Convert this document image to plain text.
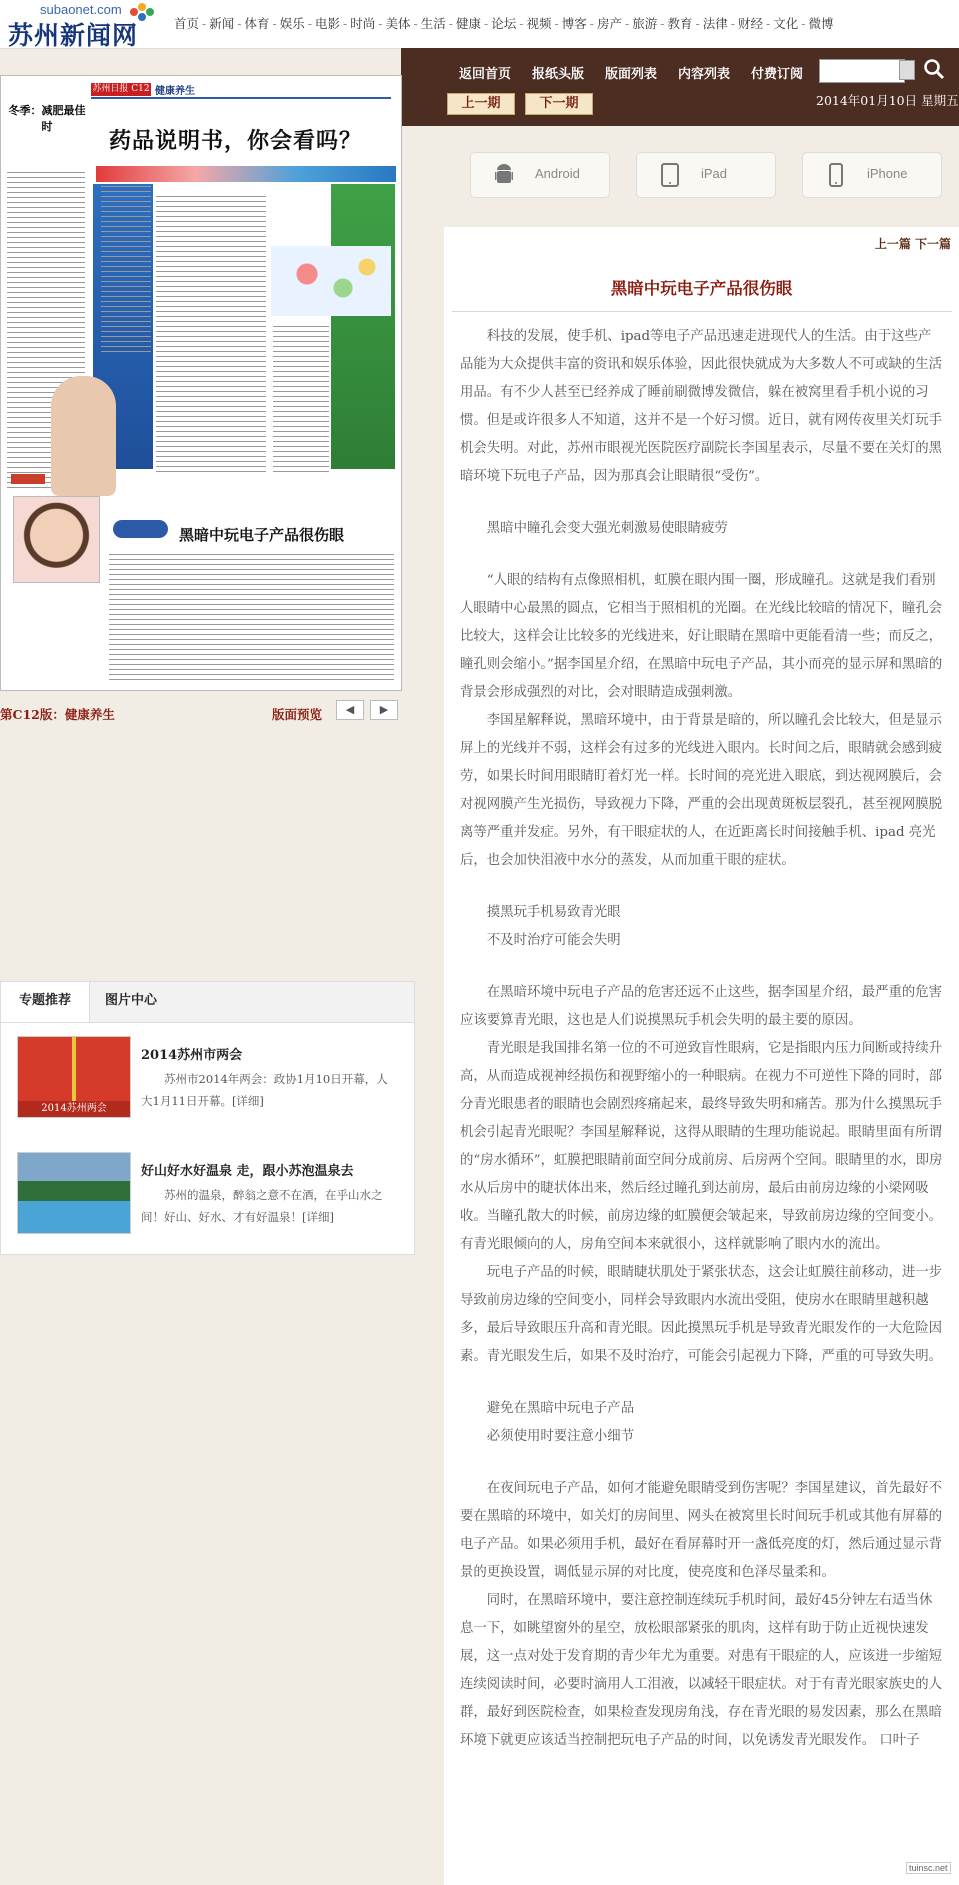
subaonet.com
苏州新闻网	首页 - 新闻 - 体育 - 娱乐 - 电影 - 时尚 - 美体 - 生活 - 健康 - 论坛 - 视频 - 博客 - 房产 - 旅游 - 教育 - 法律 - 财经 - 文化 - 微博
返回首页 报纸头版 版面列表 内容列表 付费订阅
上一期	下一期	2014年01月10日 星期五
苏州日报 C12 健康养生
冬季：减肥最佳时
药品说明书，你会看吗？
黑暗中玩电子产品很伤眼
第C12版：健康养生	版面预览	◀	▶
专题推荐	图片中心
2014苏州两会
2014苏州市两会
苏州市2014年两会：政协1月10日开幕，人大1月11日开幕。[详细]
好山好水好温泉 走，跟小苏泡温泉去
苏州的温泉，醉翁之意不在酒，在乎山水之间！好山、好水、才有好温泉！[详细]
Android	iPad	iPhone
上一篇 下一篇
黑暗中玩电子产品很伤眼

科技的发展，使手机、ipad等电子产品迅速走进现代人的生活。由于这些产品能为大众提供丰富的资讯和娱乐体验，因此很快就成为大多数人不可或缺的生活用品。有不少人甚至已经养成了睡前刷微博发微信，躲在被窝里看手机小说的习惯。但是或许很多人不知道，这并不是一个好习惯。近日，就有网传夜里关灯玩手机会失明。对此，苏州市眼视光医院医疗副院长李国星表示，尽量不要在关灯的黑暗环境下玩电子产品，因为那真会让眼睛很“受伤”。

黑暗中瞳孔会变大强光刺激易使眼睛疲劳

“人眼的结构有点像照相机，虹膜在眼内围一圈，形成瞳孔。这就是我们看别人眼睛中心最黑的圆点，它相当于照相机的光圈。在光线比较暗的情况下，瞳孔会比较大，这样会让比较多的光线进来，好让眼睛在黑暗中更能看清一些；而反之，瞳孔则会缩小。”据李国星介绍，在黑暗中玩电子产品，其小而亮的显示屏和黑暗的背景会形成强烈的对比，会对眼睛造成强刺激。

李国星解释说，黑暗环境中，由于背景是暗的，所以瞳孔会比较大，但是显示屏上的光线并不弱，这样会有过多的光线进入眼内。长时间之后，眼睛就会感到疲劳，如果长时间用眼睛盯着灯光一样。长时间的亮光进入眼底，到达视网膜后，会对视网膜产生光损伤，导致视力下降，严重的会出现黄斑板层裂孔，甚至视网膜脱离等严重并发症。另外，有干眼症状的人，在近距离长时间接触手机、ipad 亮光后，也会加快泪液中水分的蒸发，从而加重干眼的症状。

摸黑玩手机易致青光眼

不及时治疗可能会失明

在黑暗环境中玩电子产品的危害还远不止这些，据李国星介绍，最严重的危害应该要算青光眼，这也是人们说摸黑玩手机会失明的最主要的原因。

青光眼是我国排名第一位的不可逆致盲性眼病，它是指眼内压力间断或持续升高，从而造成视神经损伤和视野缩小的一种眼病。在视力不可逆性下降的同时，部分青光眼患者的眼睛也会剧烈疼痛起来，最终导致失明和痛苦。那为什么摸黑玩手机会引起青光眼呢？李国星解释说，这得从眼睛的生理功能说起。眼睛里面有所谓的“房水循环”，虹膜把眼睛前面空间分成前房、后房两个空间。眼睛里的水，即房水从后房中的睫状体出来，然后经过瞳孔到达前房，最后由前房边缘的小梁网吸收。当瞳孔散大的时候，前房边缘的虹膜便会皱起来，导致前房边缘的空间变小。有青光眼倾向的人，房角空间本来就很小，这样就影响了眼内水的流出。

玩电子产品的时候，眼睛睫状肌处于紧张状态，这会让虹膜往前移动，进一步导致前房边缘的空间变小，同样会导致眼内水流出受阻，使房水在眼睛里越积越多，最后导致眼压升高和青光眼。因此摸黑玩手机是导致青光眼发作的一大危险因素。青光眼发生后，如果不及时治疗，可能会引起视力下降，严重的可导致失明。

避免在黑暗中玩电子产品

必须使用时要注意小细节

在夜间玩电子产品，如何才能避免眼睛受到伤害呢？李国星建议，首先最好不要在黑暗的环境中，如关灯的房间里、网头在被窝里长时间玩手机或其他有屏幕的电子产品。如果必须用手机，最好在看屏幕时开一盏低亮度的灯，然后通过显示背景的更换设置，调低显示屏的对比度，使亮度和色泽尽量柔和。

同时，在黑暗环境中，要注意控制连续玩手机时间，最好45分钟左右适当休息一下，如眺望窗外的星空，放松眼部紧张的肌肉，这样有助于防止近视快速发展，这一点对处于发育期的青少年尤为重要。对患有干眼症的人，应该进一步缩短连续阅读时间，必要时滴用人工泪液，以减轻干眼症状。对于有青光眼家族史的人群，最好到医院检查，如果检查发现房角浅，存在青光眼的易发因素，那么在黑暗环境下就更应该适当控制把玩电子产品的时间，以免诱发青光眼发作。 口叶子

tuinsc.net
